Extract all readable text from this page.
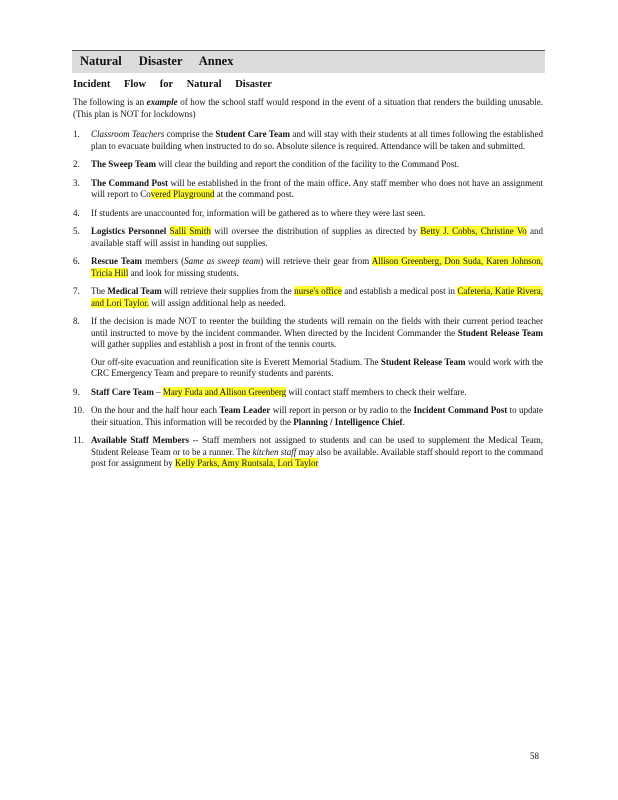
Natural Disaster Annex
Incident Flow for Natural Disaster
The following is an example of how the school staff would respond in the event of a situation that renders the building unusable. (This plan is NOT for lockdowns)
1. Classroom Teachers comprise the Student Care Team and will stay with their students at all times following the established plan to evacuate building when instructed to do so. Absolute silence is required. Attendance will be taken and submitted.
2. The Sweep Team will clear the building and report the condition of the facility to the Command Post.
3. The Command Post will be established in the front of the main office. Any staff member who does not have an assignment will report to Covered Playground at the command post.
4. If students are unaccounted for, information will be gathered as to where they were last seen.
5. Logistics Personnel Salli Smith will oversee the distribution of supplies as directed by Betty J. Cobbs, Christine Vo and available staff will assist in handing out supplies.
6. Rescue Team members (Same as sweep team) will retrieve their gear from Allison Greenberg, Don Suda, Karen Johnson, Tricia Hill and look for missing students.
7. The Medical Team will retrieve their supplies from the nurse's office and establish a medical post in Cafeteria, Katie Rivera, and Lori Taylor. will assign additional help as needed.
8. If the decision is made NOT to reenter the building the students will remain on the fields with their current period teacher until instructed to move by the incident commander. When directed by the Incident Commander the Student Release Team will gather supplies and establish a post in front of the tennis courts.
Our off-site evacuation and reunification site is Everett Memorial Stadium. The Student Release Team would work with the CRC Emergency Team and prepare to reunify students and parents.
9. Staff Care Team – Mary Fuda and Allison Greenberg will contact staff members to check their welfare.
10. On the hour and the half hour each Team Leader will report in person or by radio to the Incident Command Post to update their situation. This information will be recorded by the Planning / Intelligence Chief.
11. Available Staff Members -- Staff members not assigned to students and can be used to supplement the Medical Team, Student Release Team or to be a runner. The kitchen staff may also be available. Available staff should report to the command post for assignment by Kelly Parks, Amy Ruotsala, Lori Taylor
58
